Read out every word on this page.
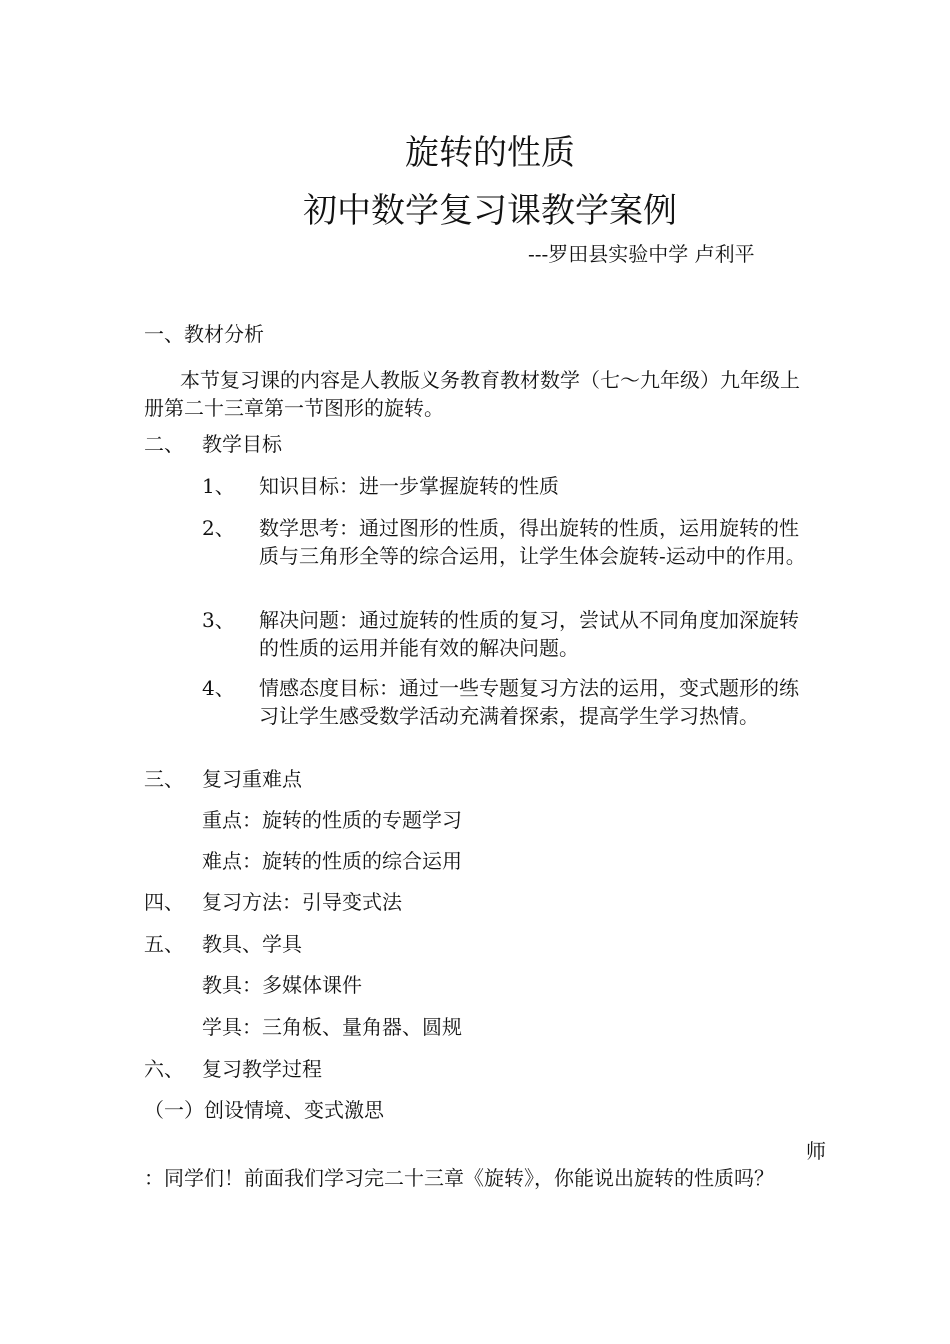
旋转的性质
初中数学复习课教学案例
---罗田县实验中学 卢利平
一、教材分析
本节复习课的内容是人教版义务教育教材数学（七～九年级）九年级上册第二十三章第一节图形的旋转。
二、 教学目标
1、 知识目标：进一步掌握旋转的性质
2、 数学思考：通过图形的性质，得出旋转的性质，运用旋转的性质与三角形全等的综合运用，让学生体会旋转-运动中的作用。
3、 解决问题：通过旋转的性质的复习，尝试从不同角度加深旋转的性质的运用并能有效的解决问题。
4、 情感态度目标：通过一些专题复习方法的运用，变式题形的练习让学生感受数学活动充满着探索，提高学生学习热情。
三、 复习重难点
重点：旋转的性质的专题学习
难点：旋转的性质的综合运用
四、 复习方法：引导变式法
五、 教具、学具
教具：多媒体课件
学具：三角板、量角器、圆规
六、 复习教学过程
（一）创设情境、变式激思
师
：同学们！前面我们学习完二十三章《旋转》，你能说出旋转的性质吗？
